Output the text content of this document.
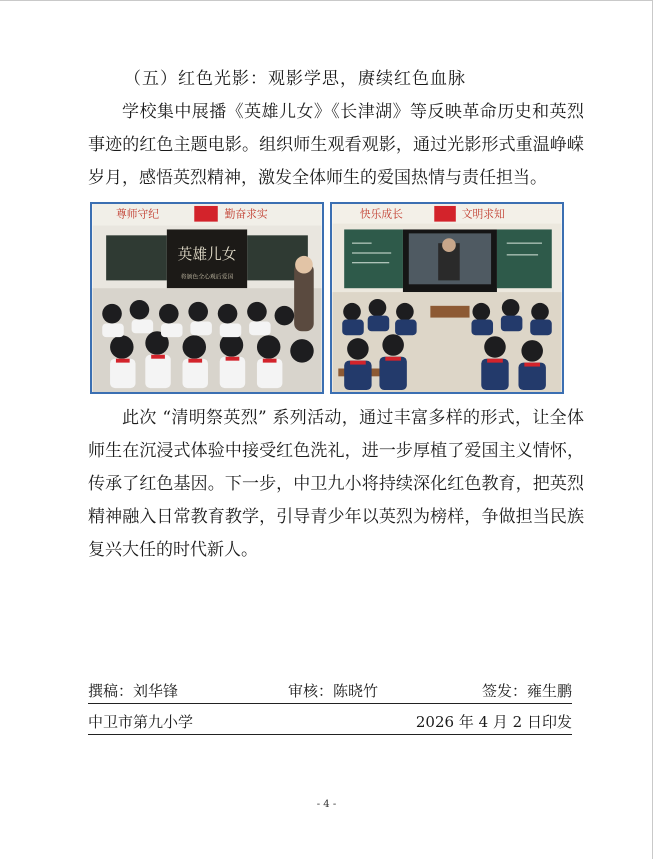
（五）红色光影：观影学思，赓续红色血脉

学校集中展播《英雄儿女》《长津湖》等反映革命历史和英烈事迹的红色主题电影。组织师生观看观影，通过光影形式重温峥嵘岁月，感悟英烈精神，激发全体师生的爱国热情与责任担当。

尊师守纪	勤奋求实
英雄儿女
将颁色全心观后爱国
快乐成长	文明求知

此次 “清明祭英烈” 系列活动，通过丰富多样的形式，让全体师生在沉浸式体验中接受红色洗礼，进一步厚植了爱国主义情怀，传承了红色基因。下一步，中卫九小将持续深化红色教育，把英烈精神融入日常教育教学，引导青少年以英烈为榜样，争做担当民族复兴大任的时代新人。

撰稿：刘华锋	审核：陈晓竹	签发：雍生鹏
中卫市第九小学	2026 年 4 月 2 日印发
- 4 -
